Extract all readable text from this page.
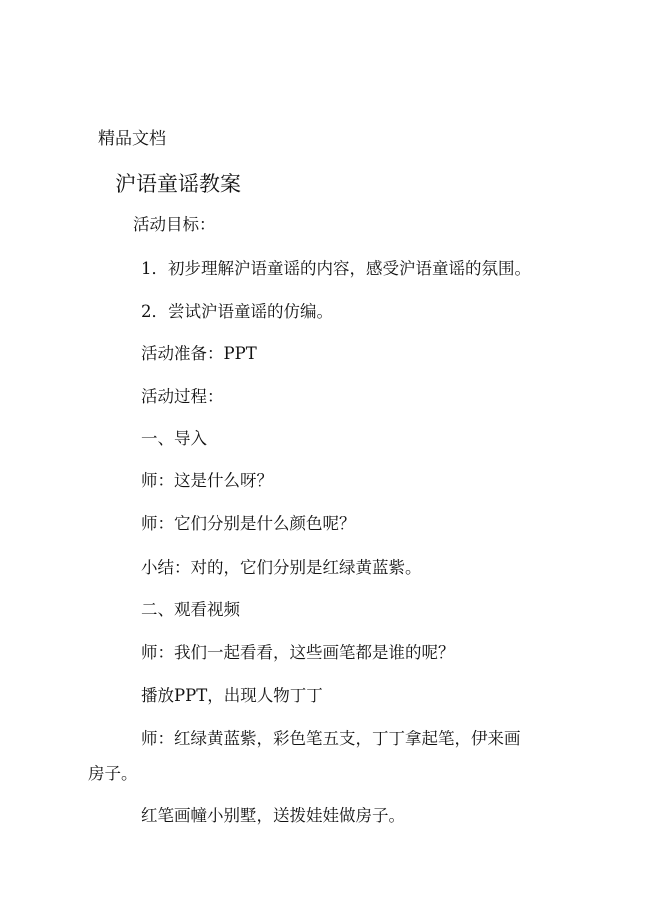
精品文档
沪语童谣教案
活动目标：
1．初步理解沪语童谣的内容，感受沪语童谣的氛围。
2．尝试沪语童谣的仿编。
活动准备：PPT
活动过程：
一、导入
师：这是什么呀？
师：它们分别是什么颜色呢？
小结：对的，它们分别是红绿黄蓝紫。
二、观看视频
师：我们一起看看，这些画笔都是谁的呢？
播放PPT，出现人物丁丁
师：红绿黄蓝紫，彩色笔五支，丁丁拿起笔，伊来画
房子。
红笔画幢小别墅，送拨娃娃做房子。
